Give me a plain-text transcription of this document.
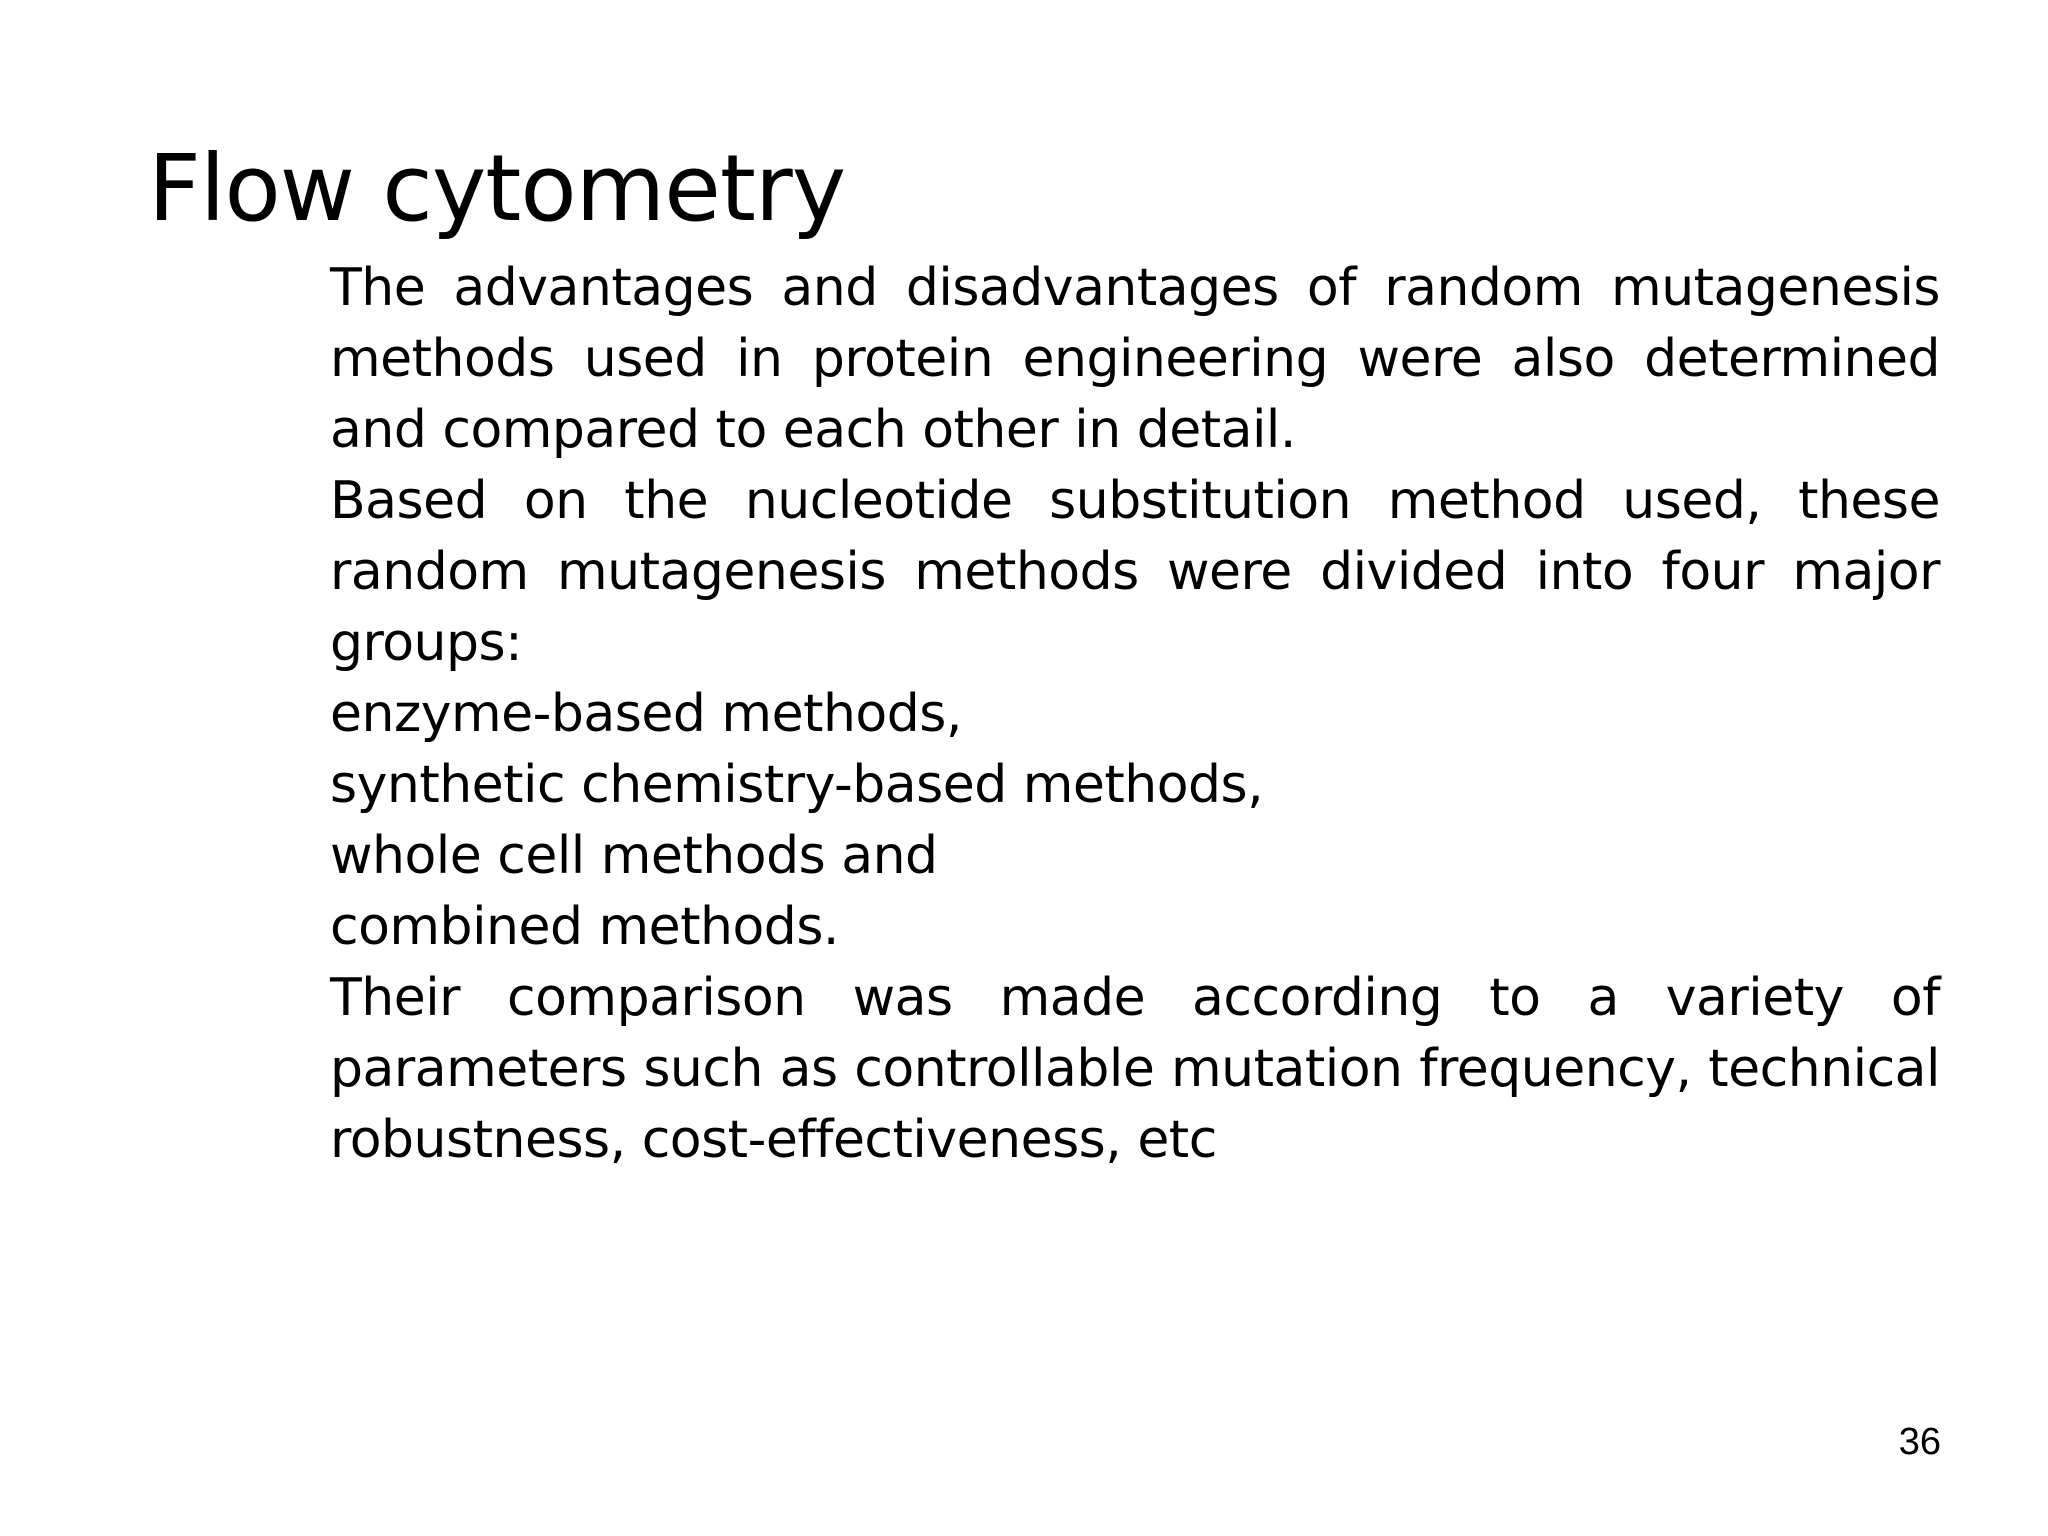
Flow cytometry

The advantages and disadvantages of random mutagenesis methods used in protein engineering were also determined and compared to each other in detail.

Based on the nucleotide substitution method used, these random mutagenesis methods were divided into four major groups:

enzyme-based methods,
synthetic chemistry-based methods,
whole cell methods and
combined methods.

Their comparison was made according to a variety of parameters such as controllable mutation frequency, technical robustness, cost-effectiveness, etc

36
